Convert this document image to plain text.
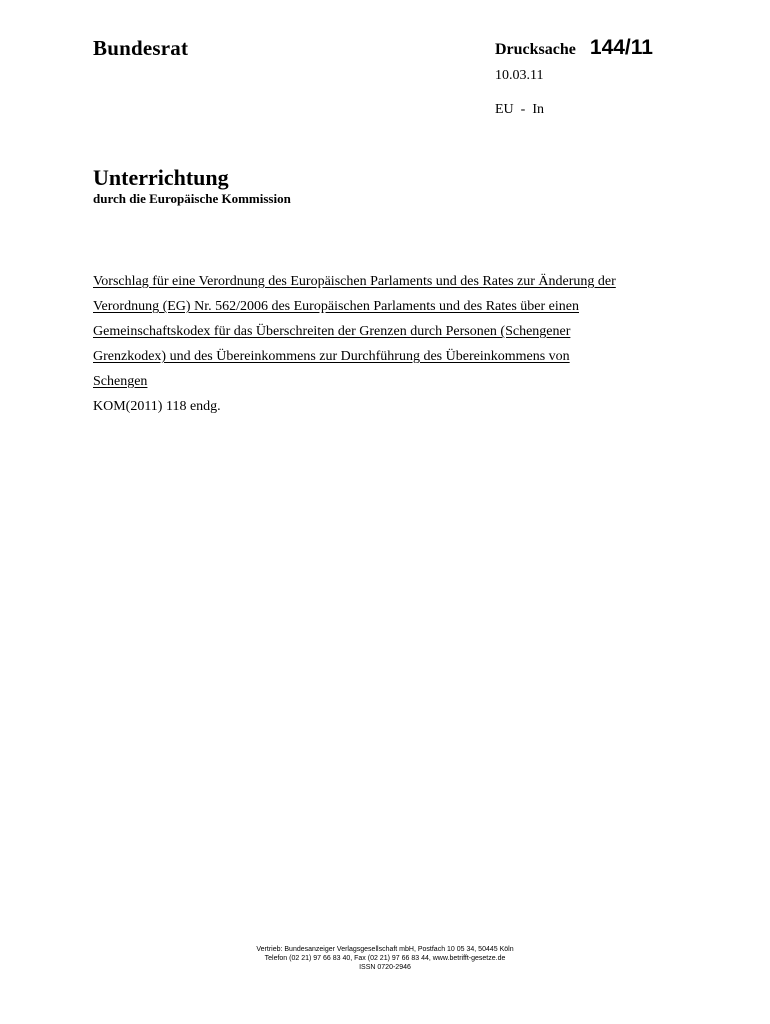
Bundesrat	Drucksache 144/11
10.03.11
EU  -  In
Unterrichtung
durch die Europäische Kommission
Vorschlag für eine Verordnung des Europäischen Parlaments und des Rates zur Änderung der
Verordnung (EG) Nr. 562/2006 des Europäischen Parlaments und des Rates über einen
Gemeinschaftskodex für das Überschreiten der Grenzen durch Personen (Schengener
Grenzkodex) und des Übereinkommens zur Durchführung des Übereinkommens von
Schengen
KOM(2011) 118 endg.
Vertrieb: Bundesanzeiger Verlagsgesellschaft mbH, Postfach 10 05 34, 50445 Köln
Telefon (02 21) 97 66 83 40, Fax (02 21) 97 66 83 44, www.betrifft-gesetze.de
ISSN 0720-2946
